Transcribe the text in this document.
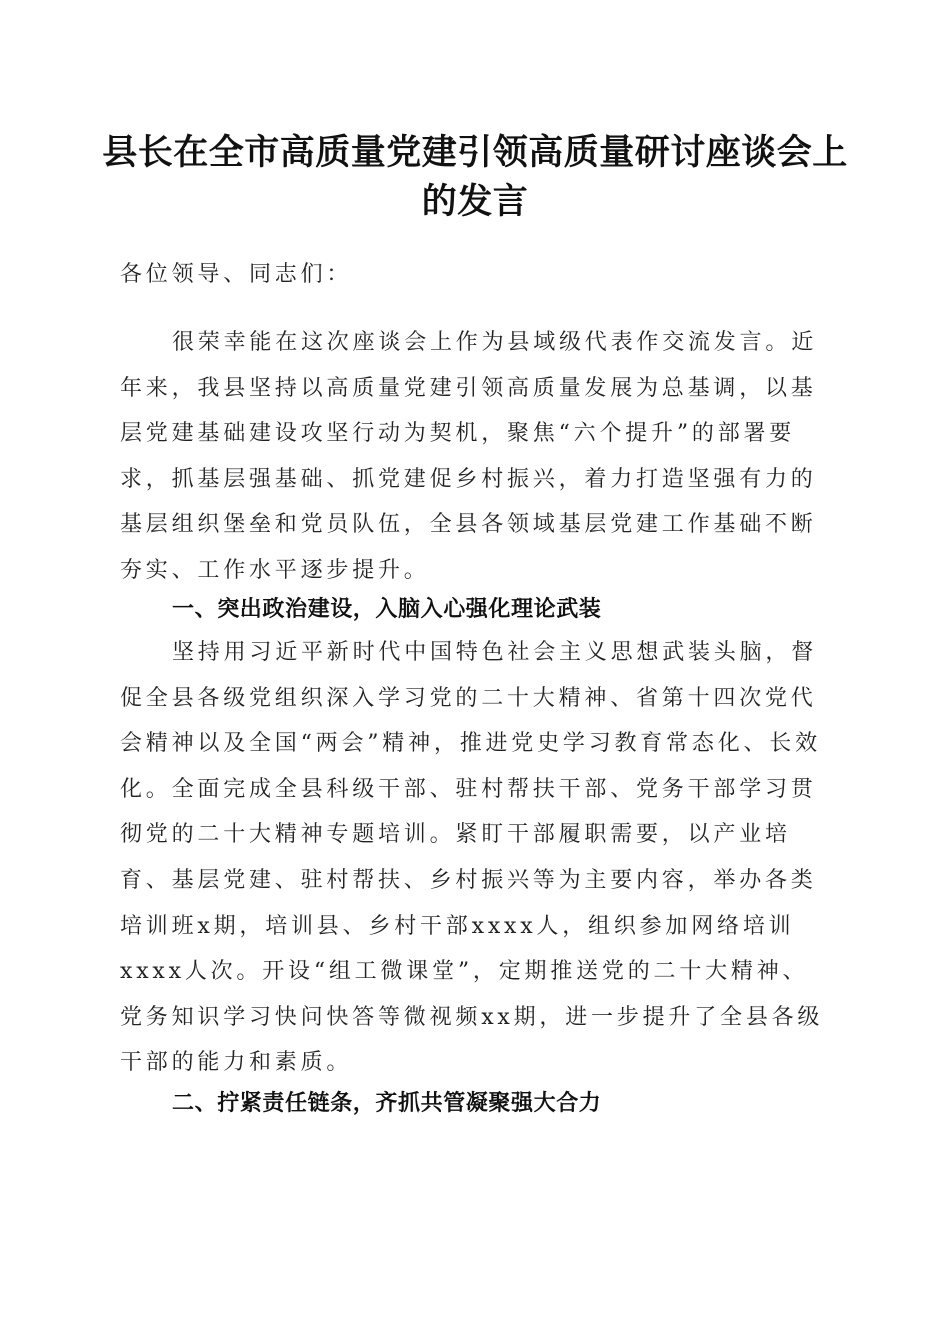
县长在全市高质量党建引领高质量研讨座谈会上的发言

各位领导、同志们：

很荣幸能在这次座谈会上作为县域级代表作交流发言。近年来，我县坚持以高质量党建引领高质量发展为总基调，以基层党建基础建设攻坚行动为契机，聚焦“六个提升”的部署要求，抓基层强基础、抓党建促乡村振兴，着力打造坚强有力的基层组织堡垒和党员队伍，全县各领域基层党建工作基础不断夯实、工作水平逐步提升。

一、突出政治建设，入脑入心强化理论武装

坚持用习近平新时代中国特色社会主义思想武装头脑，督促全县各级党组织深入学习党的二十大精神、省第十四次党代会精神以及全国“两会”精神，推进党史学习教育常态化、长效化。全面完成全县科级干部、驻村帮扶干部、党务干部学习贯彻党的二十大精神专题培训。紧盯干部履职需要，以产业培育、基层党建、驻村帮扶、乡村振兴等为主要内容，举办各类培训班x期，培训县、乡村干部xxxx人，组织参加网络培训xxxx人次。开设“组工微课堂”，定期推送党的二十大精神、党务知识学习快问快答等微视频xx期，进一步提升了全县各级干部的能力和素质。

二、拧紧责任链条，齐抓共管凝聚强大合力
